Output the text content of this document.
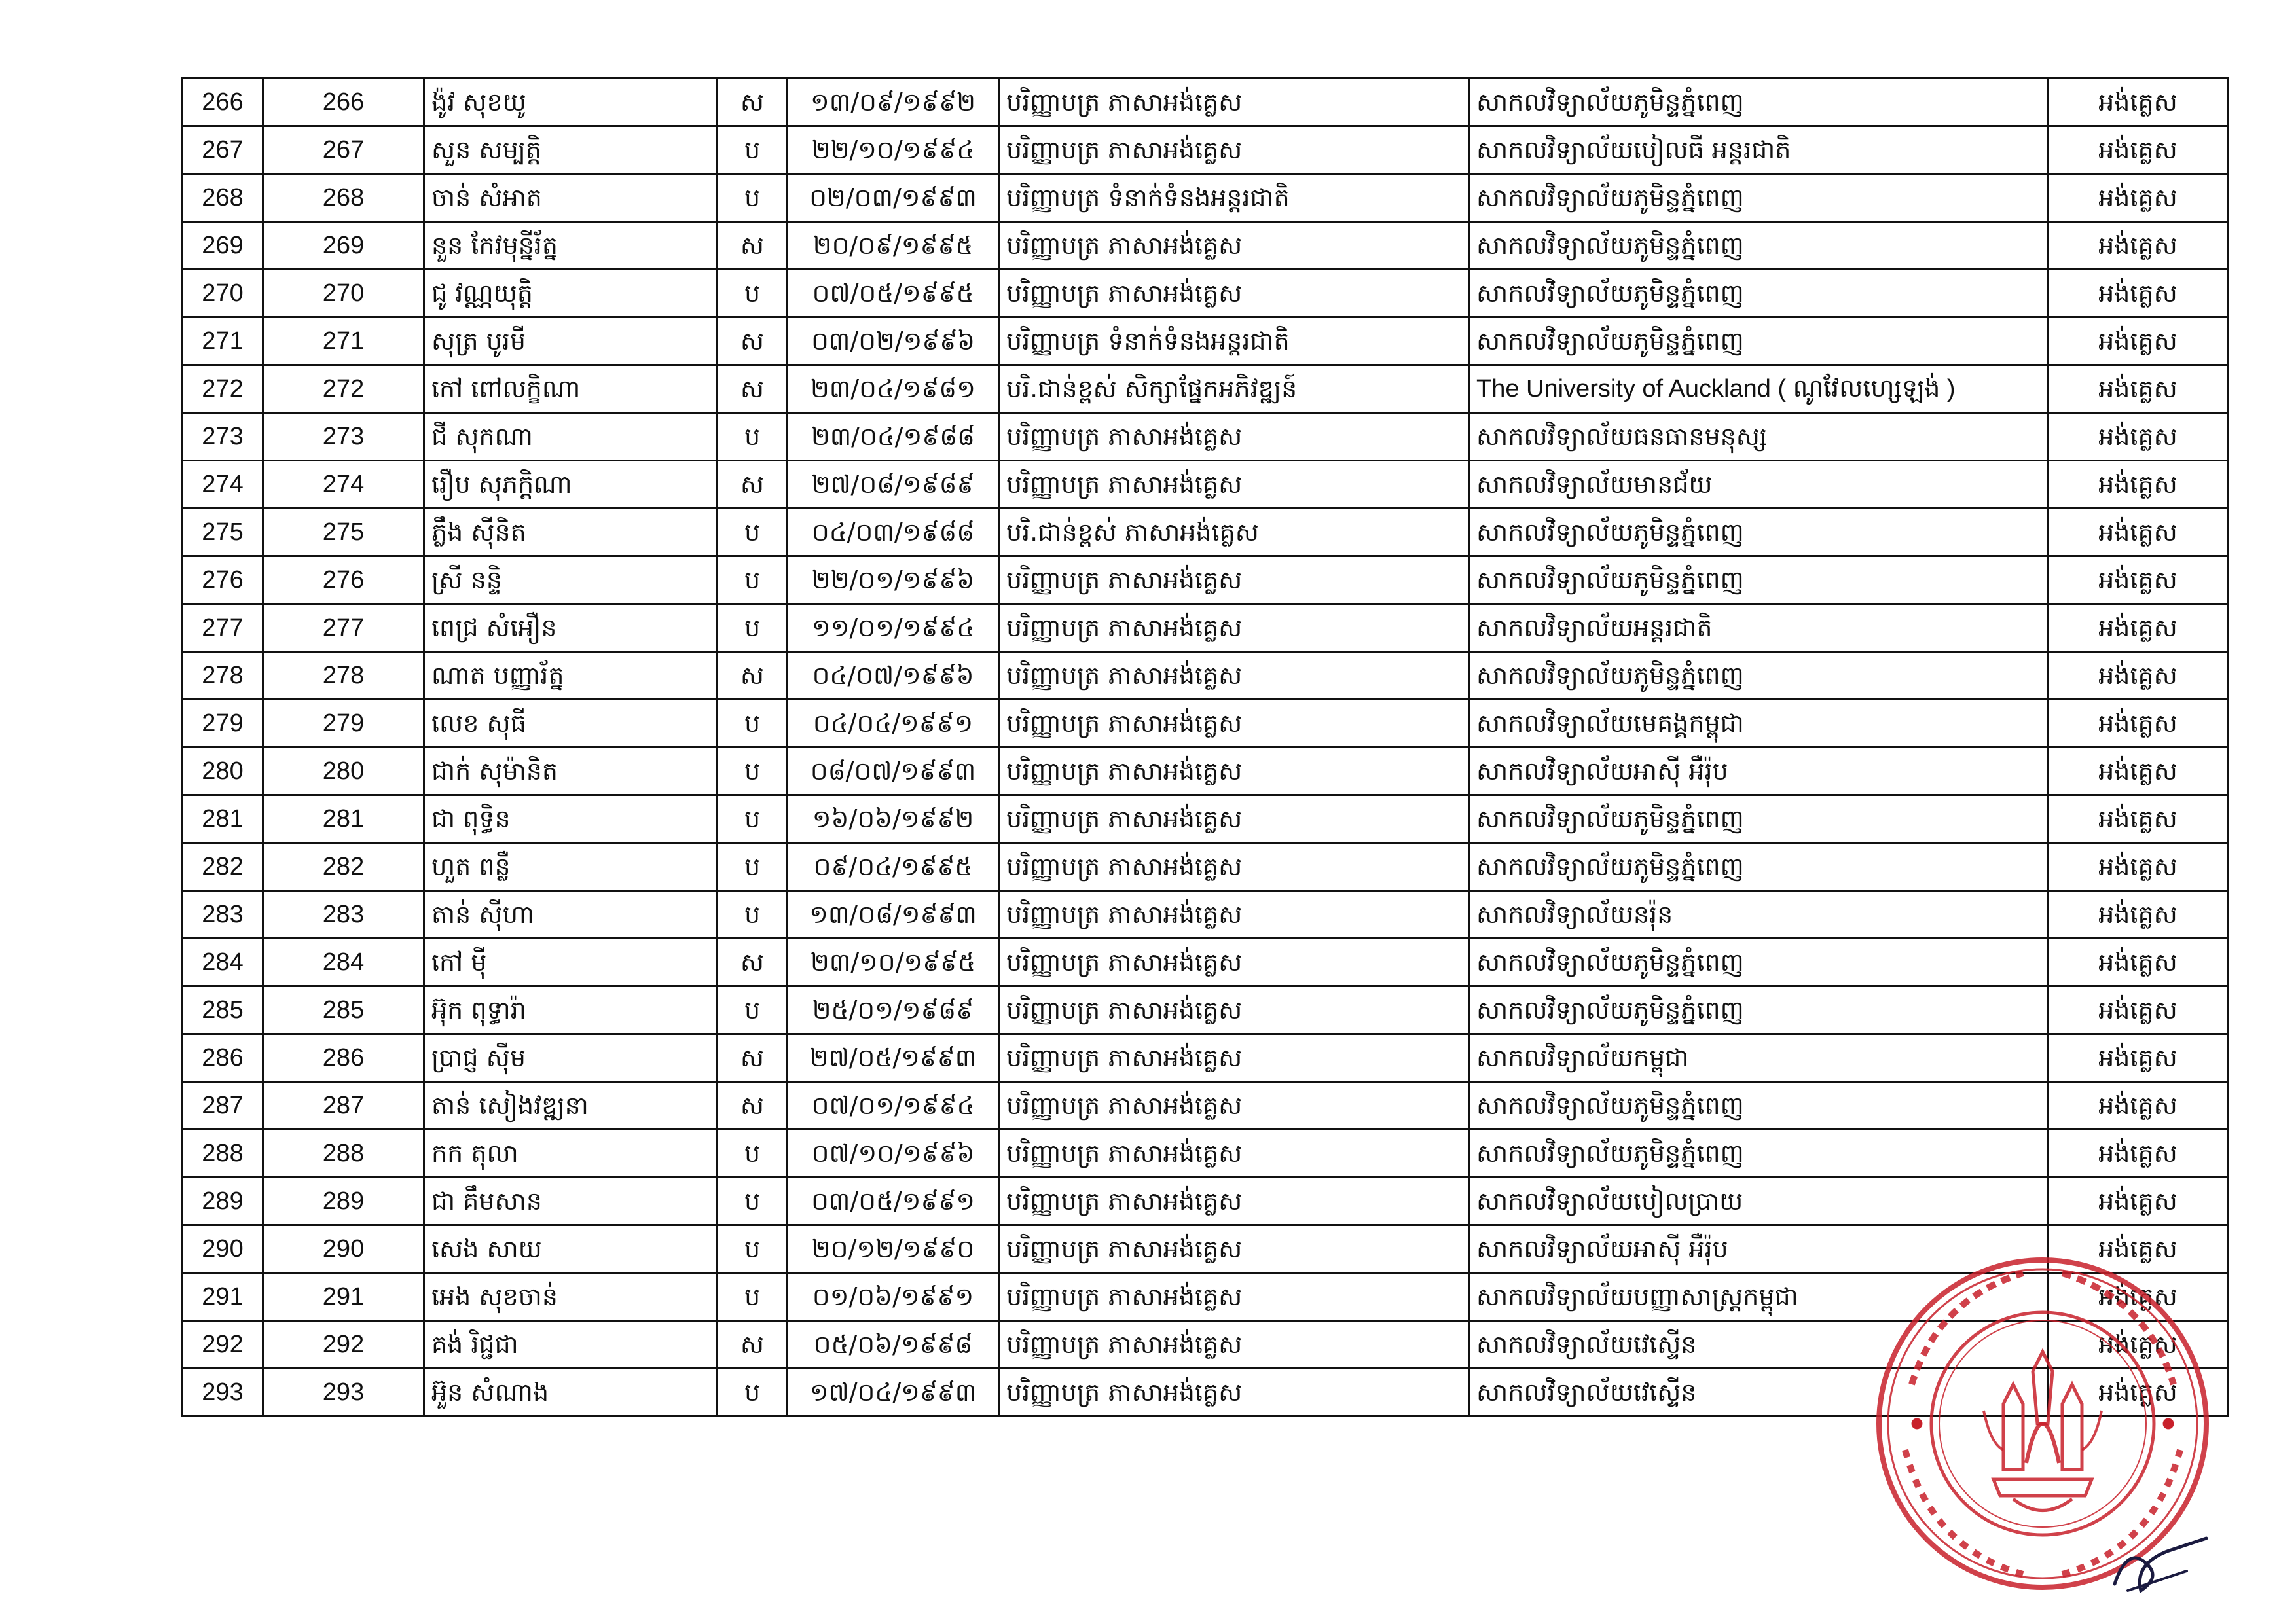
266	266	ង៉ូវ សុខយូ	ស	១៣/០៩/១៩៩២	បរិញ្ញាបត្រ ភាសាអង់គ្លេស	សាកលវិទ្យាល័យភូមិន្ទភ្នំពេញ	អង់គ្លេស
267	267	សួន សម្បត្តិ	ប	២២/១០/១៩៩៤	បរិញ្ញាបត្រ ភាសាអង់គ្លេស	សាកលវិទ្យាល័យបៀលធី អន្តរជាតិ	អង់គ្លេស
268	268	ចាន់ សំអាត	ប	០២/០៣/១៩៩៣	បរិញ្ញាបត្រ ទំនាក់ទំនងអន្តរជាតិ	សាកលវិទ្យាល័យភូមិន្ទភ្នំពេញ	អង់គ្លេស
269	269	នួន កែវមុន្នីរ័ត្ន	ស	២០/០៩/១៩៩៥	បរិញ្ញាបត្រ ភាសាអង់គ្លេស	សាកលវិទ្យាល័យភូមិន្ទភ្នំពេញ	អង់គ្លេស
270	270	ជូ វណ្ណយុត្តិ	ប	០៧/០៥/១៩៩៥	បរិញ្ញាបត្រ ភាសាអង់គ្លេស	សាកលវិទ្យាល័យភូមិន្ទភ្នំពេញ	អង់គ្លេស
271	271	សុត្រ បូរមី	ស	០៣/០២/១៩៩៦	បរិញ្ញាបត្រ ទំនាក់ទំនងអន្តរជាតិ	សាកលវិទ្យាល័យភូមិន្ទភ្នំពេញ	អង់គ្លេស
272	272	កៅ ពៅលក្ខិណា	ស	២៣/០៤/១៩៨១	បរិ.ជាន់ខ្ពស់ សិក្សាផ្នែកអភិវឌ្ឍន៍	The University of Auckland ( ណូវែលហ្សេឡង់ )	អង់គ្លេស
273	273	ជី សុកណា	ប	២៣/០៤/១៩៨៨	បរិញ្ញាបត្រ ភាសាអង់គ្លេស	សាកលវិទ្យាល័យធនធានមនុស្ស	អង់គ្លេស
274	274	រឿប សុភក្តិណា	ស	២៧/០៨/១៩៨៩	បរិញ្ញាបត្រ ភាសាអង់គ្លេស	សាកលវិទ្យាល័យមានជ័យ	អង់គ្លេស
275	275	ភ្លឹង ស៊ីនិត	ប	០៤/០៣/១៩៨៨	បរិ.ជាន់ខ្ពស់ ភាសាអង់គ្លេស	សាកលវិទ្យាល័យភូមិន្ទភ្នំពេញ	អង់គ្លេស
276	276	ស្រី នន្ទិ	ប	២២/០១/១៩៩៦	បរិញ្ញាបត្រ ភាសាអង់គ្លេស	សាកលវិទ្យាល័យភូមិន្ទភ្នំពេញ	អង់គ្លេស
277	277	ពេជ្រ សំអឿន	ប	១១/០១/១៩៩៤	បរិញ្ញាបត្រ ភាសាអង់គ្លេស	សាកលវិទ្យាល័យអន្តរជាតិ	អង់គ្លេស
278	278	ណាត បញ្ញារ័ត្ន	ស	០៤/០៧/១៩៩៦	បរិញ្ញាបត្រ ភាសាអង់គ្លេស	សាកលវិទ្យាល័យភូមិន្ទភ្នំពេញ	អង់គ្លេស
279	279	លេខ សុធី	ប	០៤/០៤/១៩៩១	បរិញ្ញាបត្រ ភាសាអង់គ្លេស	សាកលវិទ្យាល័យមេគង្គកម្ពុជា	អង់គ្លេស
280	280	ជាក់ សុម៉ានិត	ប	០៨/០៧/១៩៩៣	បរិញ្ញាបត្រ ភាសាអង់គ្លេស	សាកលវិទ្យាល័យអាស៊ី អឺរ៉ុប	អង់គ្លេស
281	281	ជា ពុទ្ធិន	ប	១៦/០៦/១៩៩២	បរិញ្ញាបត្រ ភាសាអង់គ្លេស	សាកលវិទ្យាល័យភូមិន្ទភ្នំពេញ	អង់គ្លេស
282	282	ហួត ពន្លឺ	ប	០៩/០៤/១៩៩៥	បរិញ្ញាបត្រ ភាសាអង់គ្លេស	សាកលវិទ្យាល័យភូមិន្ទភ្នំពេញ	អង់គ្លេស
283	283	តាន់ ស៊ីហា	ប	១៣/០៨/១៩៩៣	បរិញ្ញាបត្រ ភាសាអង់គ្លេស	សាកលវិទ្យាល័យនរ៉ុន	អង់គ្លេស
284	284	កៅ ម៉ី	ស	២៣/១០/១៩៩៥	បរិញ្ញាបត្រ ភាសាអង់គ្លេស	សាកលវិទ្យាល័យភូមិន្ទភ្នំពេញ	អង់គ្លេស
285	285	អ៊ុក ពុទ្ធារ៉ា	ប	២៥/០១/១៩៨៩	បរិញ្ញាបត្រ ភាសាអង់គ្លេស	សាកលវិទ្យាល័យភូមិន្ទភ្នំពេញ	អង់គ្លេស
286	286	ប្រាជ្ញ ស៊ីម	ស	២៧/០៥/១៩៩៣	បរិញ្ញាបត្រ ភាសាអង់គ្លេស	សាកលវិទ្យាល័យកម្ពុជា	អង់គ្លេស
287	287	តាន់ សៀងវឌ្ឍនា	ស	០៧/០១/១៩៩៤	បរិញ្ញាបត្រ ភាសាអង់គ្លេស	សាកលវិទ្យាល័យភូមិន្ទភ្នំពេញ	អង់គ្លេស
288	288	កក តុលា	ប	០៧/១០/១៩៩៦	បរិញ្ញាបត្រ ភាសាអង់គ្លេស	សាកលវិទ្យាល័យភូមិន្ទភ្នំពេញ	អង់គ្លេស
289	289	ជា គឹមសាន	ប	០៣/០៥/១៩៩១	បរិញ្ញាបត្រ ភាសាអង់គ្លេស	សាកលវិទ្យាល័យបៀលប្រាយ	អង់គ្លេស
290	290	សេង សាយ	ប	២០/១២/១៩៩០	បរិញ្ញាបត្រ ភាសាអង់គ្លេស	សាកលវិទ្យាល័យអាស៊ី អឺរ៉ុប	អង់គ្លេស
291	291	អេង សុខចាន់	ប	០១/០៦/១៩៩១	បរិញ្ញាបត្រ ភាសាអង់គ្លេស	សាកលវិទ្យាល័យបញ្ញាសាស្ត្រកម្ពុជា	អង់គ្លេស
292	292	គង់ រិជ្ជជា	ស	០៥/០៦/១៩៩៨	បរិញ្ញាបត្រ ភាសាអង់គ្លេស	សាកលវិទ្យាល័យវេស្ទើន	អង់គ្លេស
293	293	អ៊ួន សំណាង	ប	១៧/០៤/១៩៩៣	បរិញ្ញាបត្រ ភាសាអង់គ្លេស	សាកលវិទ្យាល័យវេស្ទើន	អង់គ្លេស
